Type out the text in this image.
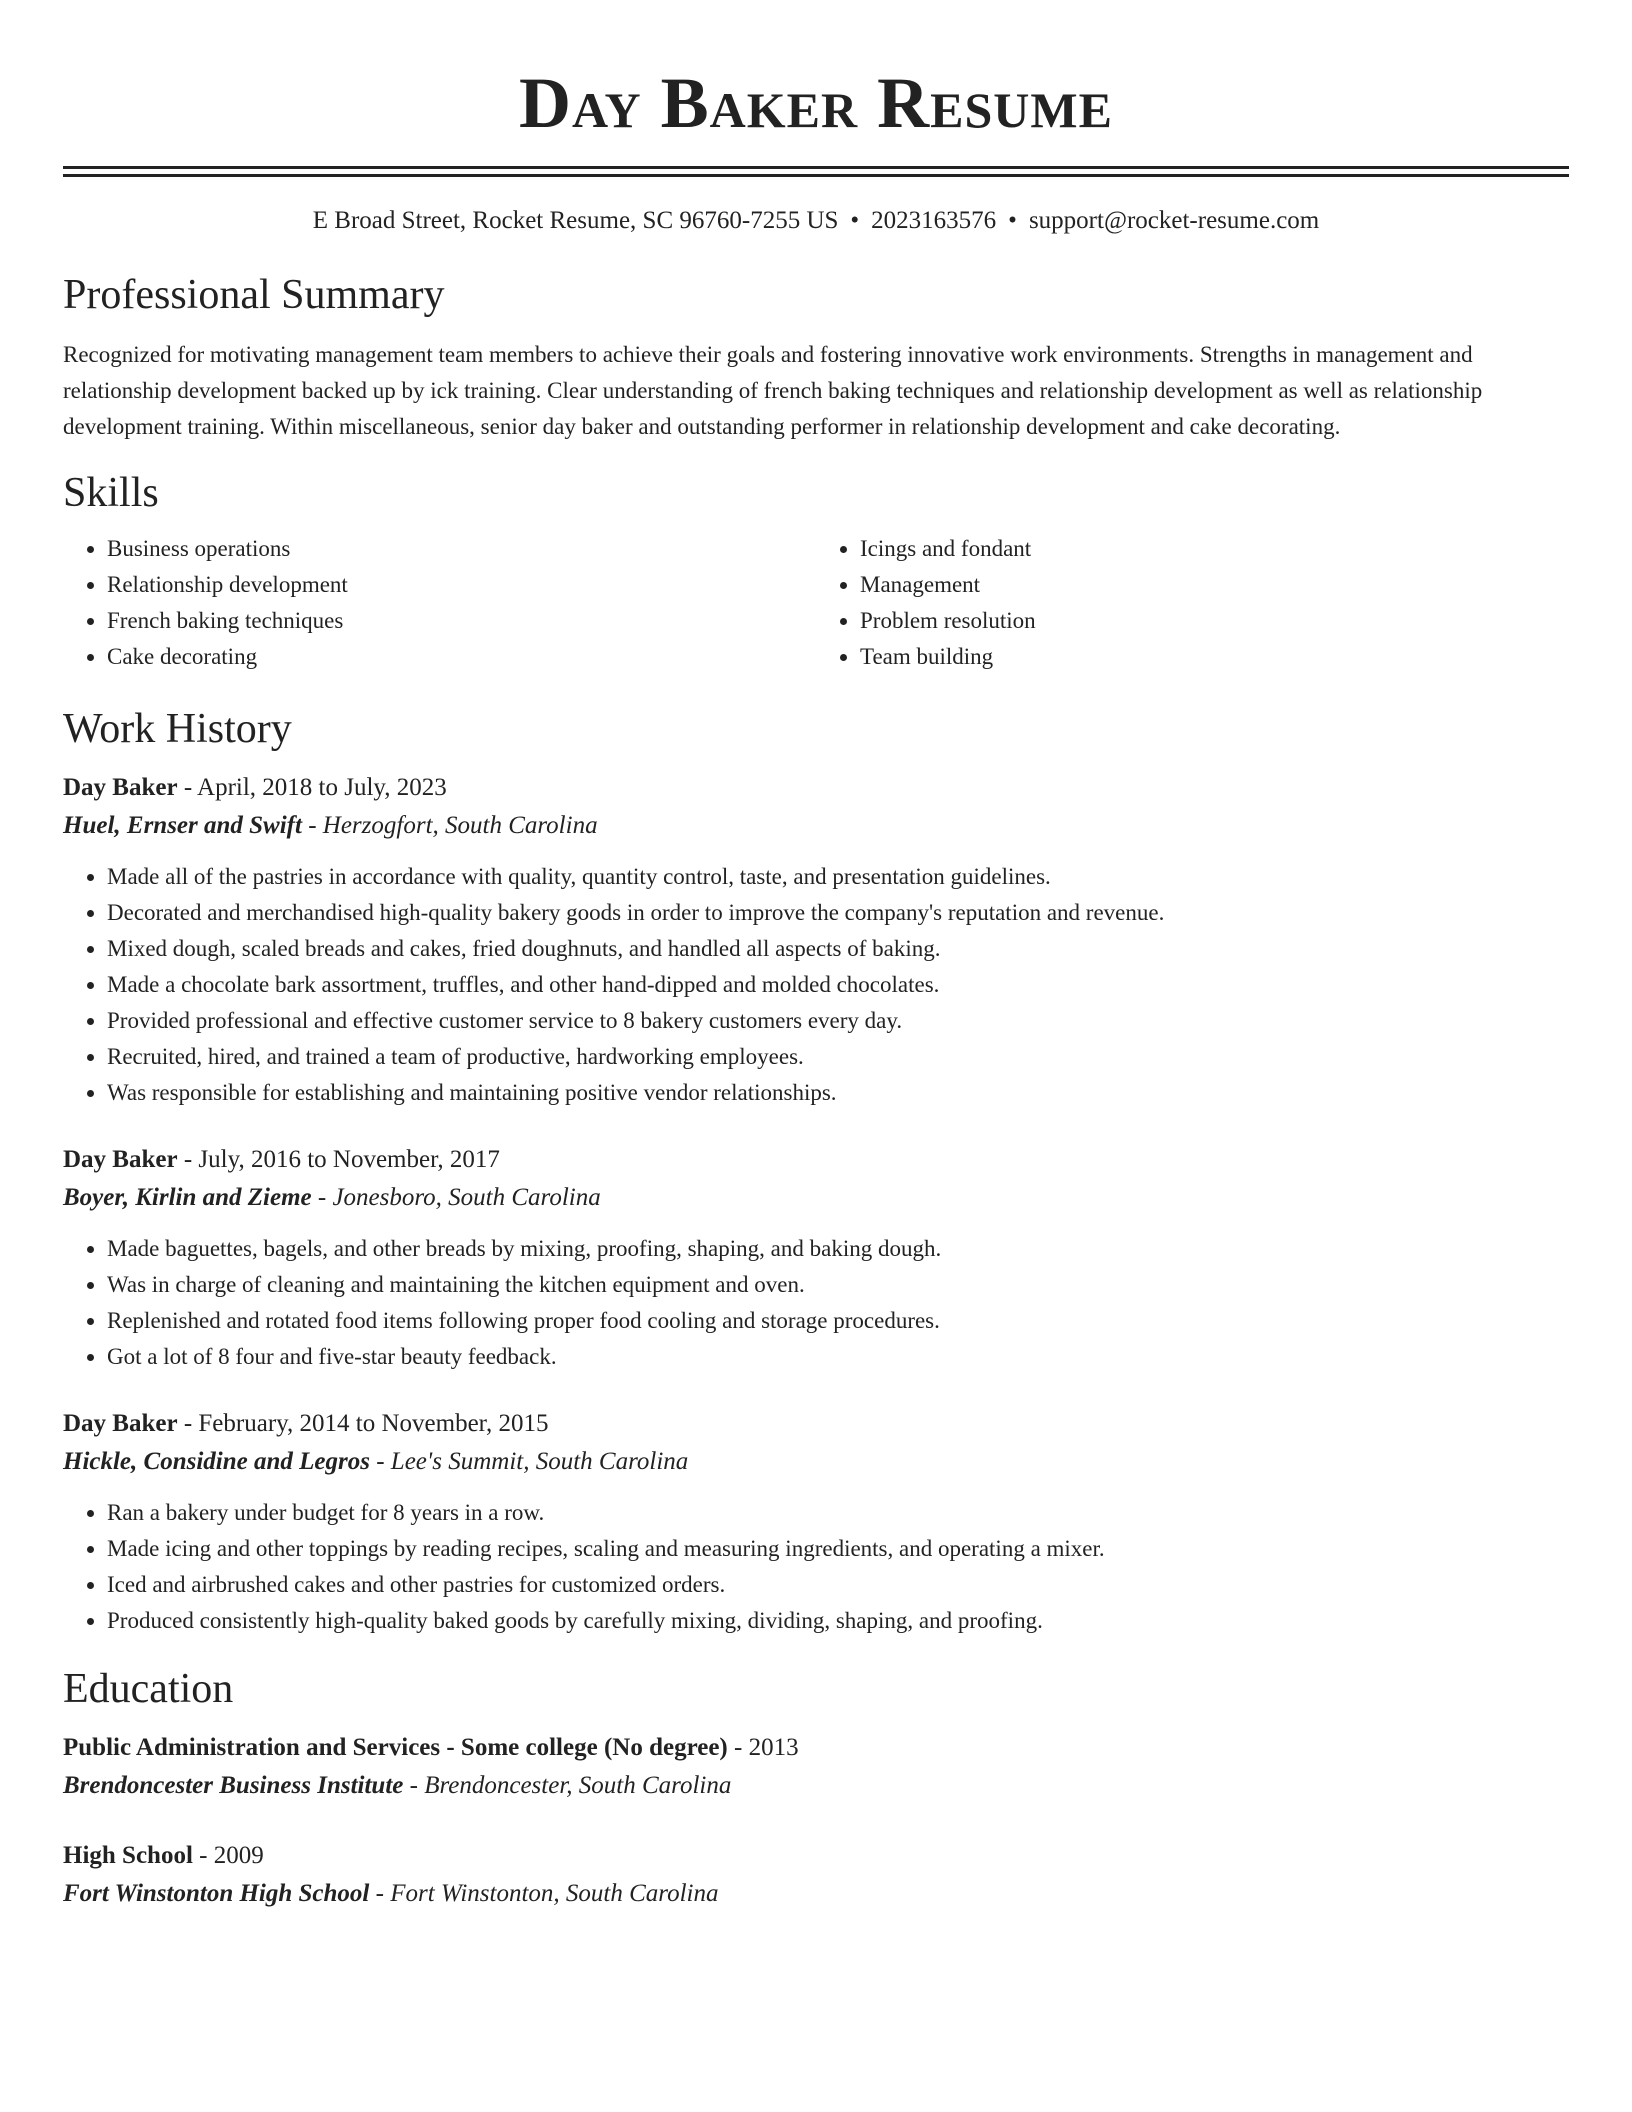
Day Baker Resume
E Broad Street, Rocket Resume, SC 96760-7255 US • 2023163576 • support@rocket-resume.com
Professional Summary

Recognized for motivating management team members to achieve their goals and fostering innovative work environments. Strengths in management and relationship development backed up by ick training. Clear understanding of french baking techniques and relationship development as well as relationship development training. Within miscellaneous, senior day baker and outstanding performer in relationship development and cake decorating.

Skills
• Business operations
• Relationship development
• French baking techniques
• Cake decorating
• Icings and fondant
• Management
• Problem resolution
• Team building
Work History
Day Baker - April, 2018 to July, 2023
Huel, Ernser and Swift - Herzogfort, South Carolina
• Made all of the pastries in accordance with quality, quantity control, taste, and presentation guidelines.
• Decorated and merchandised high-quality bakery goods in order to improve the company's reputation and revenue.
• Mixed dough, scaled breads and cakes, fried doughnuts, and handled all aspects of baking.
• Made a chocolate bark assortment, truffles, and other hand-dipped and molded chocolates.
• Provided professional and effective customer service to 8 bakery customers every day.
• Recruited, hired, and trained a team of productive, hardworking employees.
• Was responsible for establishing and maintaining positive vendor relationships.
Day Baker - July, 2016 to November, 2017
Boyer, Kirlin and Zieme - Jonesboro, South Carolina
• Made baguettes, bagels, and other breads by mixing, proofing, shaping, and baking dough.
• Was in charge of cleaning and maintaining the kitchen equipment and oven.
• Replenished and rotated food items following proper food cooling and storage procedures.
• Got a lot of 8 four and five-star beauty feedback.
Day Baker - February, 2014 to November, 2015
Hickle, Considine and Legros - Lee's Summit, South Carolina
• Ran a bakery under budget for 8 years in a row.
• Made icing and other toppings by reading recipes, scaling and measuring ingredients, and operating a mixer.
• Iced and airbrushed cakes and other pastries for customized orders.
• Produced consistently high-quality baked goods by carefully mixing, dividing, shaping, and proofing.
Education
Public Administration and Services - Some college (No degree) - 2013
Brendoncester Business Institute - Brendoncester, South Carolina
High School - 2009
Fort Winstonton High School - Fort Winstonton, South Carolina
